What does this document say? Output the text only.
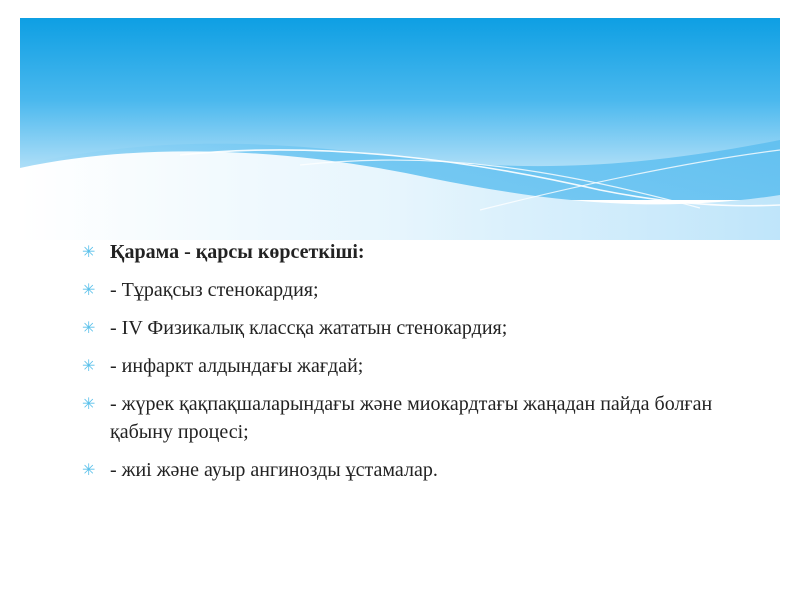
✳ Қарама - қарсы көрсеткіші:
✳ - Тұрақсыз стенокардия;
✳ - IV Физикалық класcқа жататын стенокардия;
✳ - инфаркт алдындағы жағдай;
✳ - жүрек қақпақшаларындағы және миокардтағы жаңадан пайда болған қабыну процесі;
✳ - жиі және ауыр ангинозды ұстамалар.
